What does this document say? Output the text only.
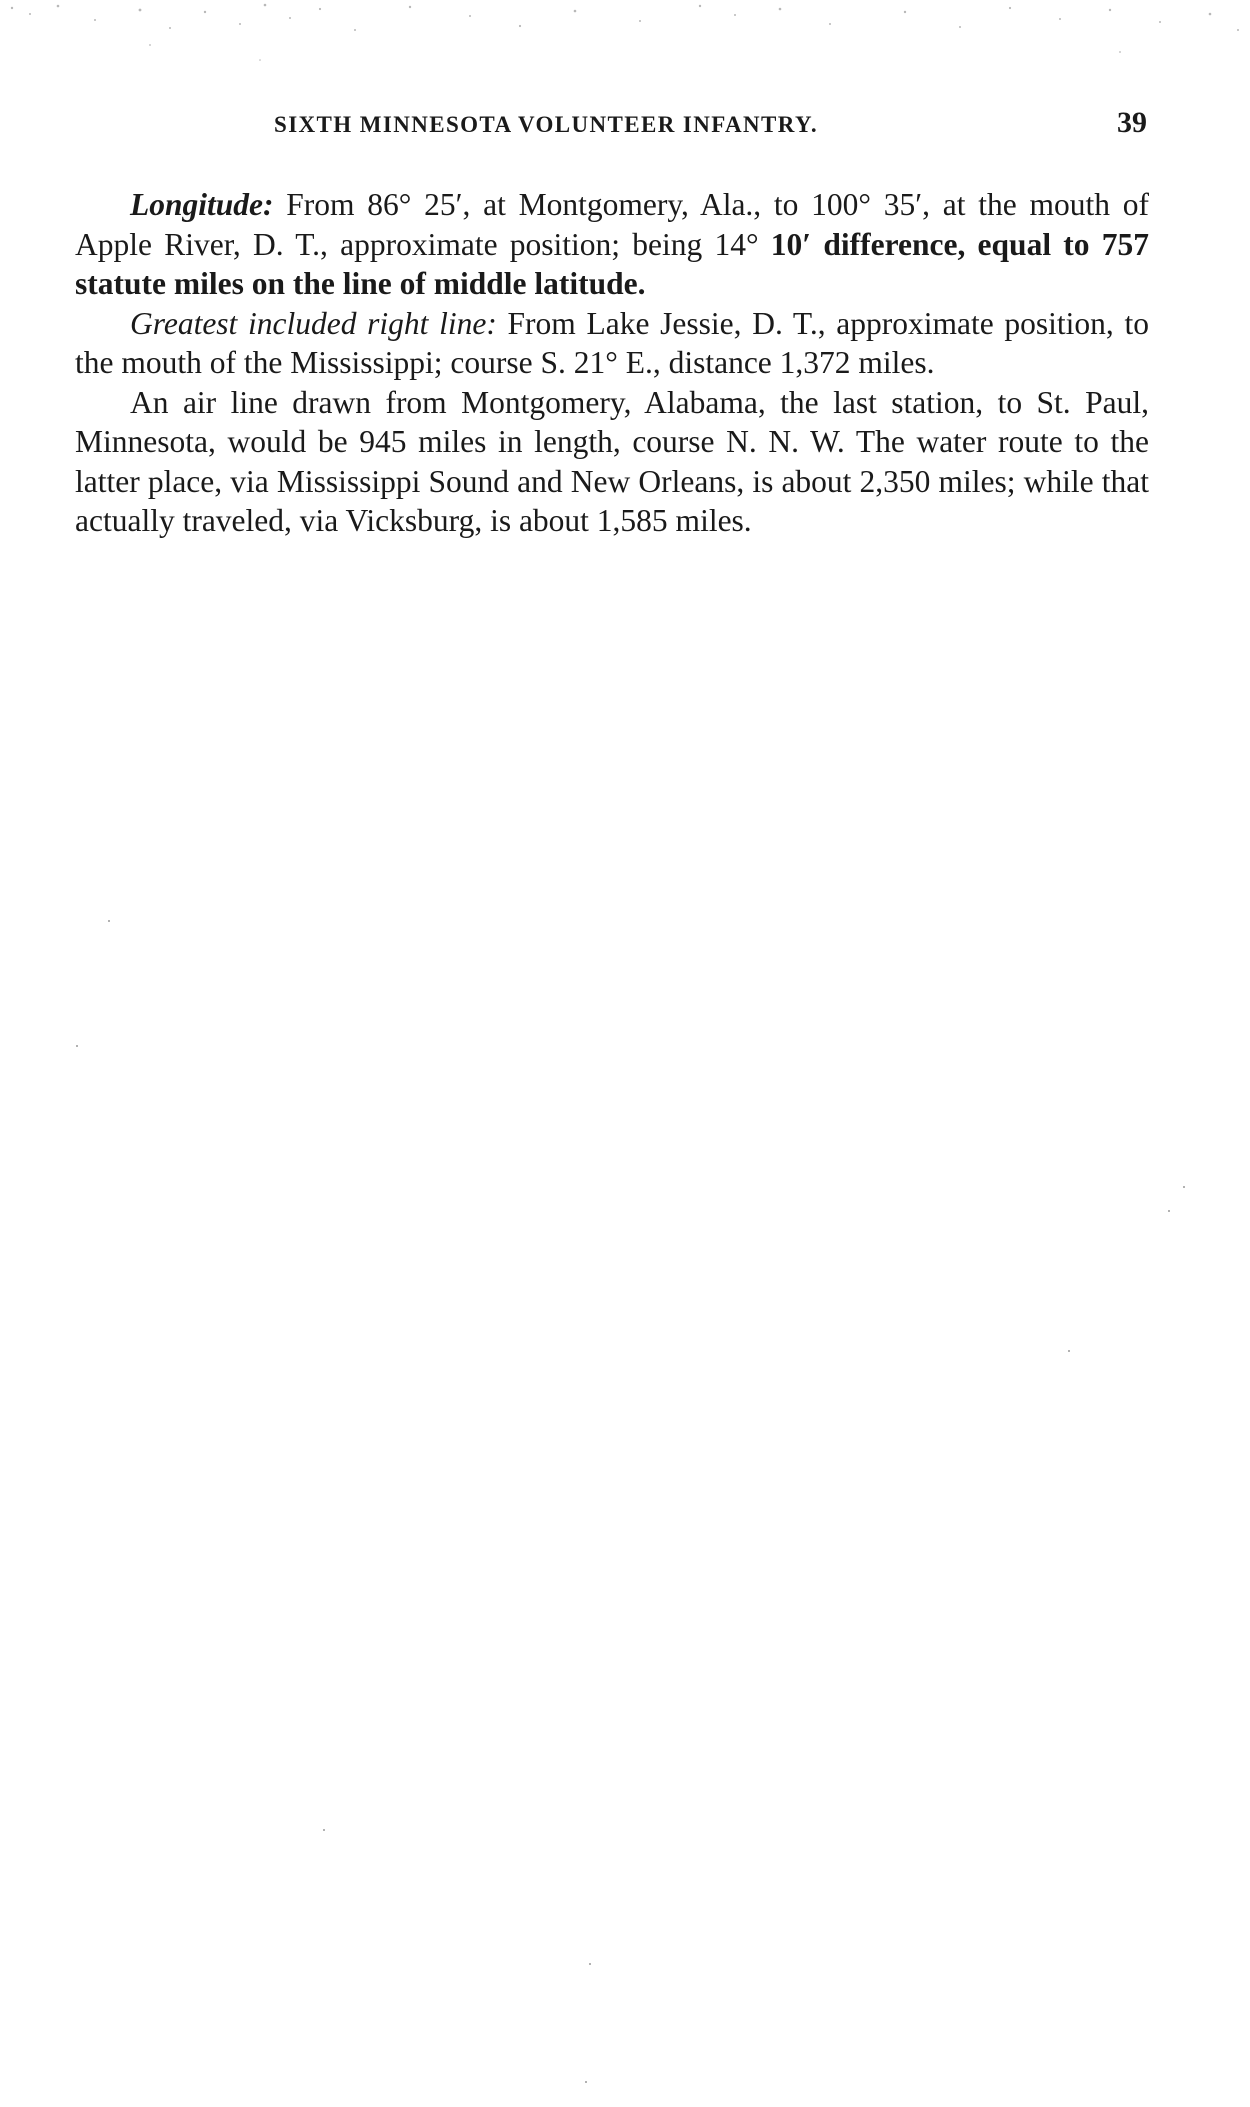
SIXTH MINNESOTA VOLUNTEER INFANTRY.	39

Longitude: From 86° 25′, at Montgomery, Ala., to 100° 35′, at the mouth of Apple River, D. T., approximate position; being 14° 10′ difference, equal to 757 statute miles on the line of middle latitude.

Greatest included right line: From Lake Jessie, D. T., approximate position, to the mouth of the Mississippi; course S. 21° E., distance 1,372 miles.

An air line drawn from Montgomery, Alabama, the last station, to St. Paul, Minnesota, would be 945 miles in length, course N. N. W. The water route to the latter place, via Mississippi Sound and New Orleans, is about 2,350 miles; while that actually traveled, via Vicksburg, is about 1,585 miles.
